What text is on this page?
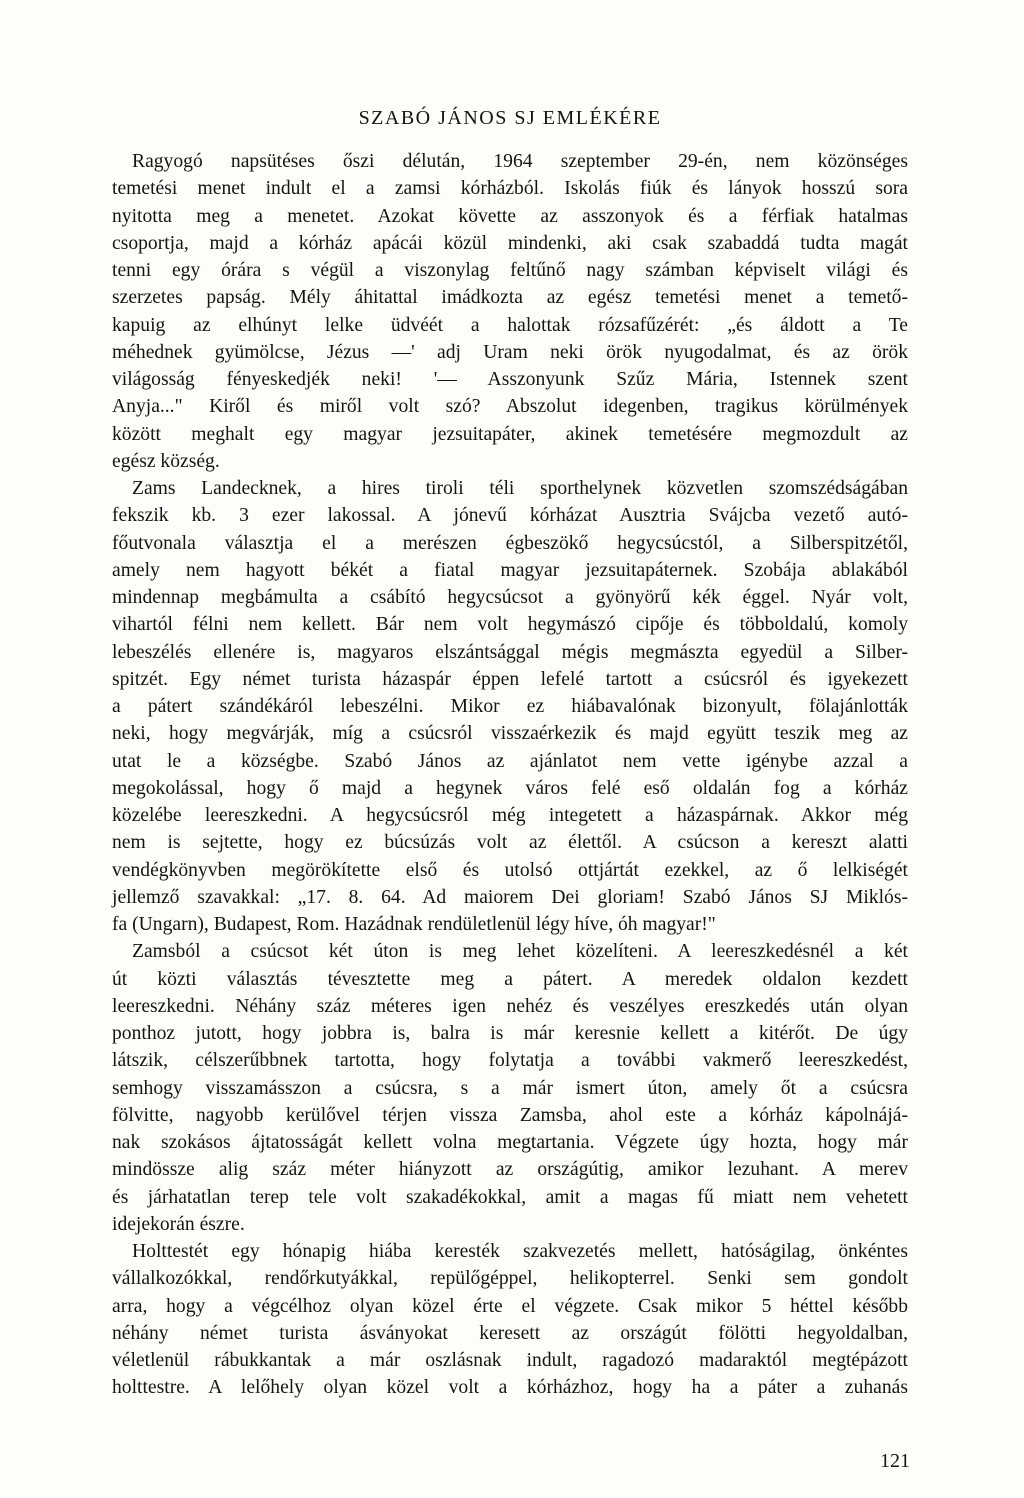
SZABÓ JÁNOS SJ EMLÉKÉRE
Ragyogó napsütéses őszi délután, 1964 szeptember 29-én, nem közönséges
temetési menet indult el a zamsi kórházból. Iskolás fiúk és lányok hosszú sora
nyitotta meg a menetet. Azokat követte az asszonyok és a férfiak hatalmas
csoportja, majd a kórház apácái közül mindenki, aki csak szabaddá tudta magát
tenni egy órára s végül a viszonylag feltűnő nagy számban képviselt világi és
szerzetes papság. Mély áhitattal imádkozta az egész temetési menet a temető-
kapuig az elhúnyt lelke üdvéét a halottak rózsafűzérét: „és áldott a Te
méhednek gyümölcse, Jézus —' adj Uram neki örök nyugodalmat, és az örök
világosság fényeskedjék neki! '— Asszonyunk Szűz Mária, Istennek szent
Anyja..." Kiről és miről volt szó? Abszolut idegenben, tragikus körülmények
között meghalt egy magyar jezsuitapáter, akinek temetésére megmozdult az
egész község.
Zams Landecknek, a hires tiroli téli sporthelynek közvetlen szomszédságában
fekszik kb. 3 ezer lakossal. A jónevű kórházat Ausztria Svájcba vezető autó-
főutvonala választja el a merészen égbeszökő hegycsúcstól, a Silberspitzétől,
amely nem hagyott békét a fiatal magyar jezsuitapáternek. Szobája ablakából
mindennap megbámulta a csábító hegycsúcsot a gyönyörű kék éggel. Nyár volt,
vihartól félni nem kellett. Bár nem volt hegymászó cipője és többoldalú, komoly
lebeszélés ellenére is, magyaros elszántsággal mégis megmászta egyedül a Silber-
spitzét. Egy német turista házaspár éppen lefelé tartott a csúcsról és igyekezett
a pátert szándékáról lebeszélni. Mikor ez hiábavalónak bizonyult, fölajánlották
neki, hogy megvárják, míg a csúcsról visszaérkezik és majd együtt teszik meg az
utat le a községbe. Szabó János az ajánlatot nem vette igénybe azzal a
megokolással, hogy ő majd a hegynek város felé eső oldalán fog a kórház
közelébe leereszkedni. A hegycsúcsról még integetett a házaspárnak. Akkor még
nem is sejtette, hogy ez búcsúzás volt az élettől. A csúcson a kereszt alatti
vendégkönyvben megörökítette első és utolsó ottjártát ezekkel, az ő lelkiségét
jellemző szavakkal: „17. 8. 64. Ad maiorem Dei gloriam! Szabó János SJ Miklós-
fa (Ungarn), Budapest, Rom. Hazádnak rendületlenül légy híve, óh magyar!"
Zamsból a csúcsot két úton is meg lehet közelíteni. A leereszkedésnél a két
út közti választás tévesztette meg a pátert. A meredek oldalon kezdett
leereszkedni. Néhány száz méteres igen nehéz és veszélyes ereszkedés után olyan
ponthoz jutott, hogy jobbra is, balra is már keresnie kellett a kitérőt. De úgy
látszik, célszerűbbnek tartotta, hogy folytatja a további vakmerő leereszkedést,
semhogy visszamásszon a csúcsra, s a már ismert úton, amely őt a csúcsra
fölvitte, nagyobb kerülővel térjen vissza Zamsba, ahol este a kórház kápolnájá-
nak szokásos ájtatosságát kellett volna megtartania. Végzete úgy hozta, hogy már
mindössze alig száz méter hiányzott az országútig, amikor lezuhant. A merev
és járhatatlan terep tele volt szakadékokkal, amit a magas fű miatt nem vehetett
idejekorán észre.
Holttestét egy hónapig hiába keresték szakvezetés mellett, hatóságilag, önkéntes
vállalkozókkal, rendőrkutyákkal, repülőgéppel, helikopterrel. Senki sem gondolt
arra, hogy a végcélhoz olyan közel érte el végzete. Csak mikor 5 héttel később
néhány német turista ásványokat keresett az országút fölötti hegyoldalban,
véletlenül rábukkantak a már oszlásnak indult, ragadozó madaraktól megtépázott
holttestre. A lelőhely olyan közel volt a kórházhoz, hogy ha a páter a zuhanás
121
